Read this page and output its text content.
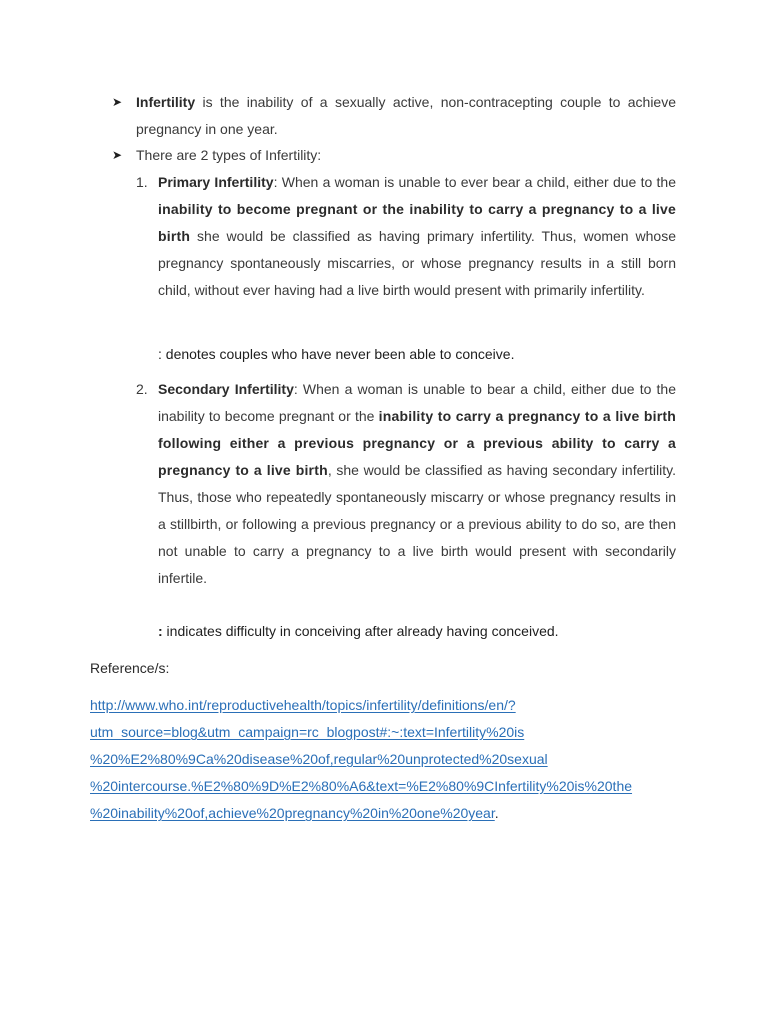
➤ Infertility is the inability of a sexually active, non-contracepting couple to achieve pregnancy in one year.

➤ There are 2 types of Infertility:

1. Primary Infertility: When a woman is unable to ever bear a child, either due to the inability to become pregnant or the inability to carry a pregnancy to a live birth she would be classified as having primary infertility. Thus, women whose pregnancy spontaneously miscarries, or whose pregnancy results in a still born child, without ever having had a live birth would present with primarily infertility.

: denotes couples who have never been able to conceive.

2. Secondary Infertility: When a woman is unable to bear a child, either due to the inability to become pregnant or the inability to carry a pregnancy to a live birth following either a previous pregnancy or a previous ability to carry a pregnancy to a live birth, she would be classified as having secondary infertility. Thus, those who repeatedly spontaneously miscarry or whose pregnancy results in a stillbirth, or following a previous pregnancy or a previous ability to do so, are then not unable to carry a pregnancy to a live birth would present with secondarily infertile.

: indicates difficulty in conceiving after already having conceived.

Reference/s:

http://www.who.int/reproductivehealth/topics/infertility/definitions/en/?
utm_source=blog&utm_campaign=rc_blogpost#:~:text=Infertility%20is
%20%E2%80%9Ca%20disease%20of,regular%20unprotected%20sexual
%20intercourse.%E2%80%9D%E2%80%A6&text=%E2%80%9CInfertility%20is%20the
%20inability%20of,achieve%20pregnancy%20in%20one%20year.
